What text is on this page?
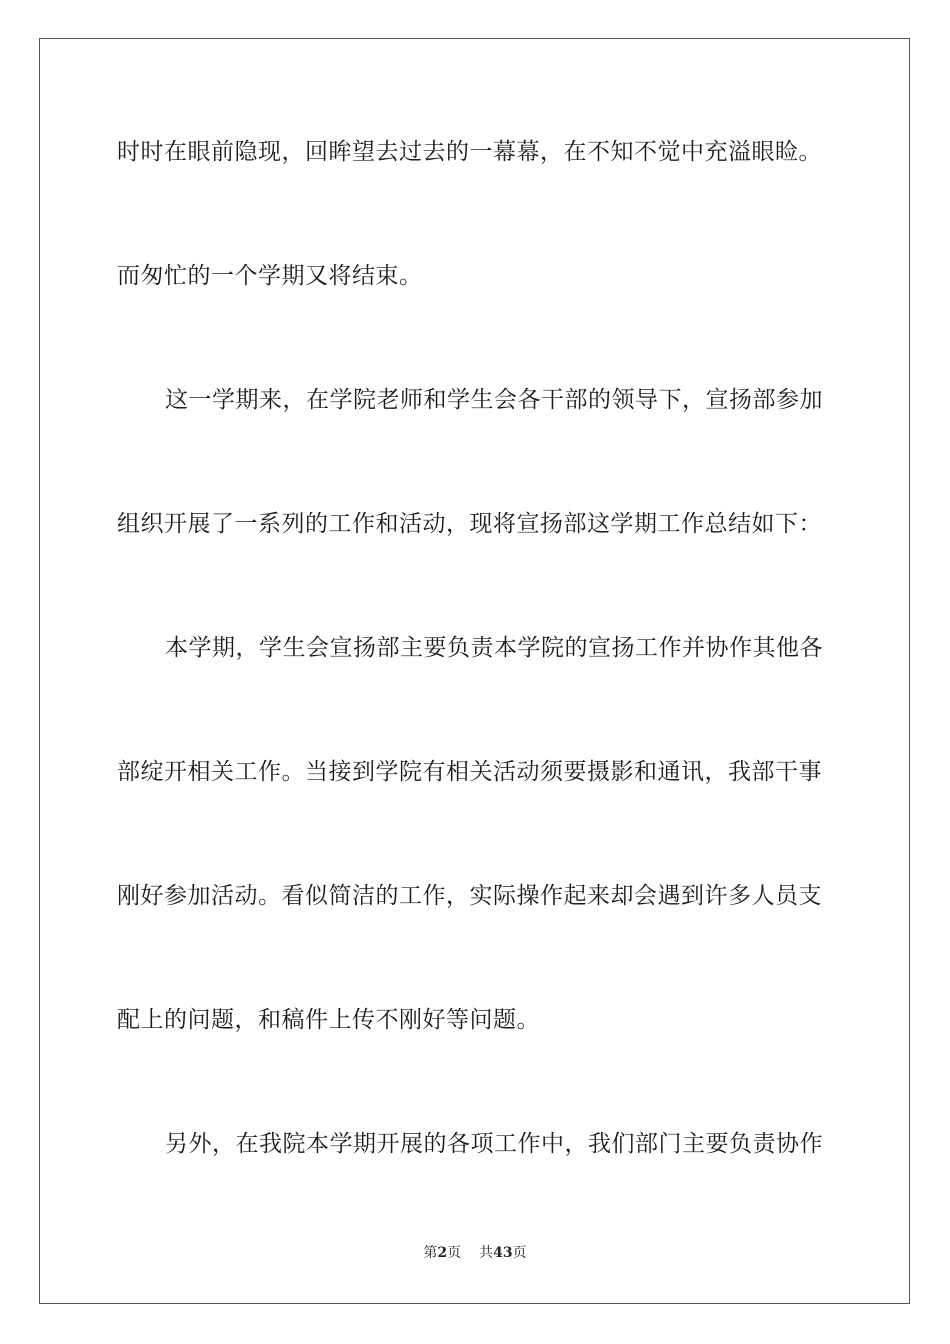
时时在眼前隐现，回眸望去过去的一幕幕，在不知不觉中充溢眼睑。
而匆忙的一个学期又将结束。
这一学期来，在学院老师和学生会各干部的领导下，宣扬部参加
组织开展了一系列的工作和活动，现将宣扬部这学期工作总结如下：
本学期，学生会宣扬部主要负责本学院的宣扬工作并协作其他各
部绽开相关工作。当接到学院有相关活动须要摄影和通讯，我部干事
刚好参加活动。看似简洁的工作，实际操作起来却会遇到许多人员支
配上的问题，和稿件上传不刚好等问题。
另外，在我院本学期开展的各项工作中，我们部门主要负责协作
第2页 共43页
